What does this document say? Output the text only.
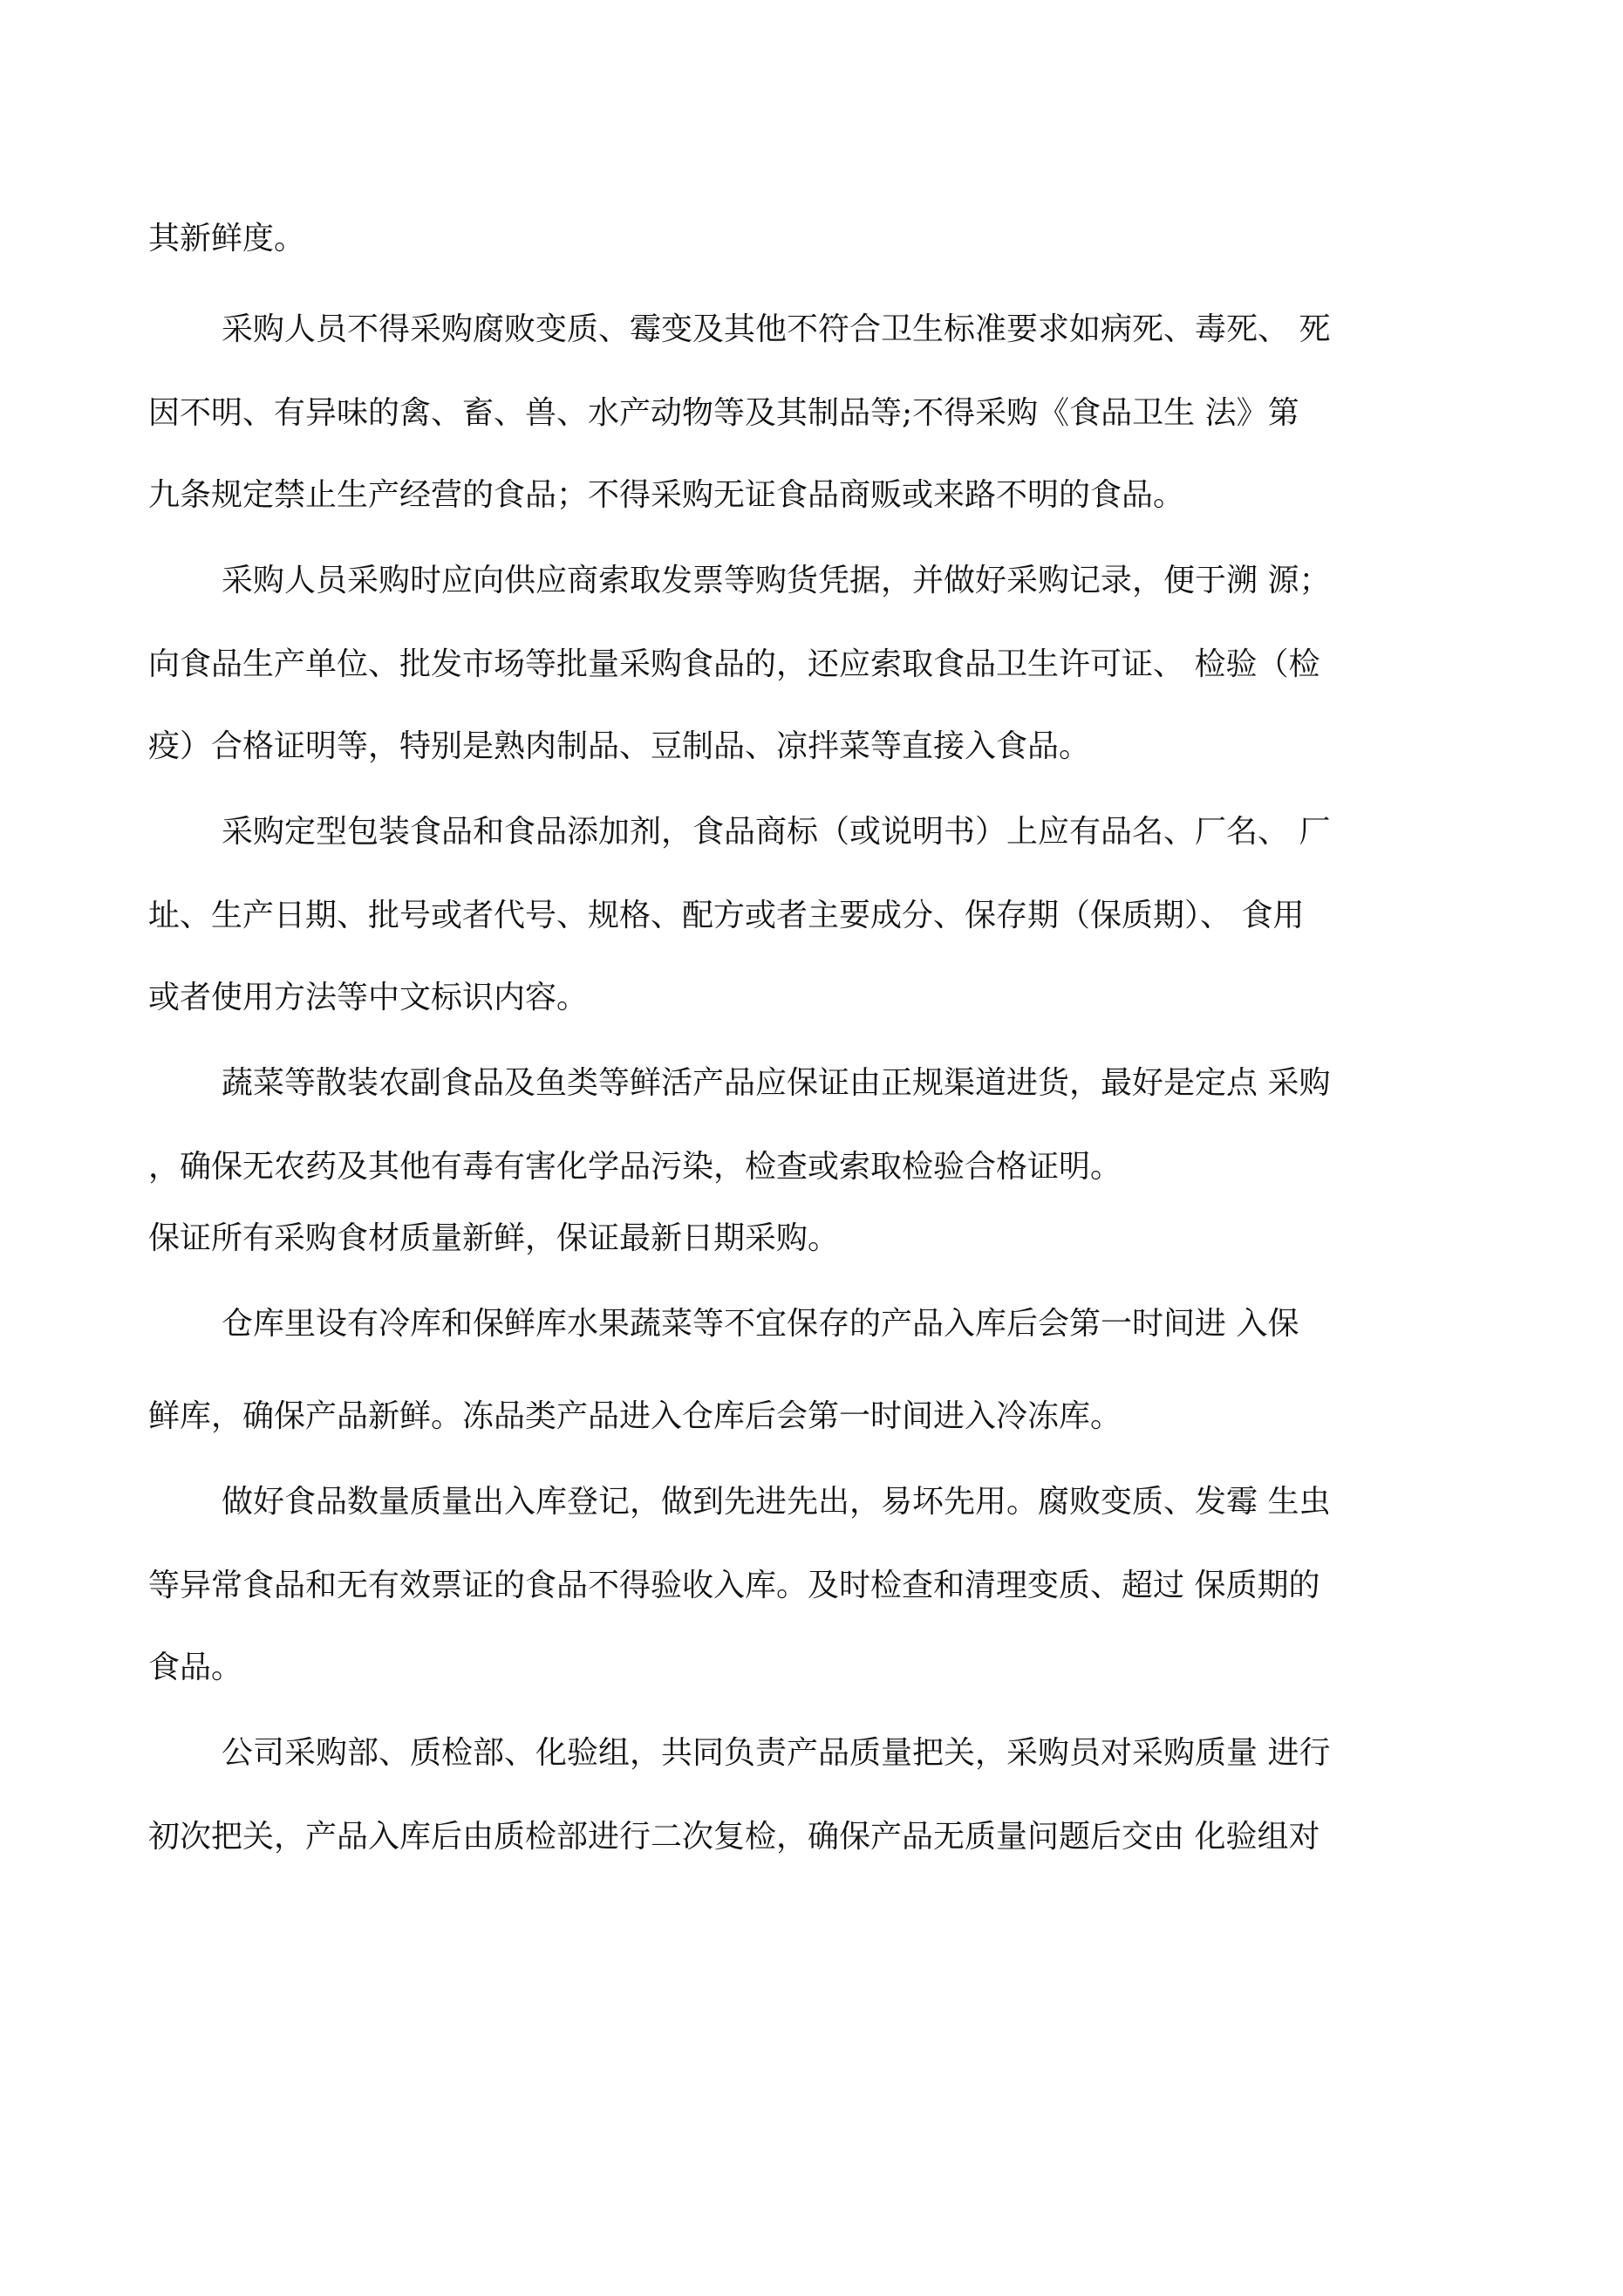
其新鲜度。
采购人员不得采购腐败变质、霉变及其他不符合卫生标准要求如病死、毒死、 死
因不明、有异味的禽、畜、兽、水产动物等及其制品等;不得采购《食品卫生 法》第
九条规定禁止生产经营的食品；不得采购无证食品商贩或来路不明的食品。
采购人员采购时应向供应商索取发票等购货凭据，并做好采购记录，便于溯 源；
向食品生产单位、批发市场等批量采购食品的，还应索取食品卫生许可证、 检验（检
疫）合格证明等，特别是熟肉制品、豆制品、凉拌菜等直接入食品。
采购定型包装食品和食品添加剂，食品商标（或说明书）上应有品名、厂名、 厂
址、生产日期、批号或者代号、规格、配方或者主要成分、保存期（保质期）、 食用
或者使用方法等中文标识内容。
蔬菜等散装农副食品及鱼类等鲜活产品应保证由正规渠道进货，最好是定点 采购
，确保无农药及其他有毒有害化学品污染，检查或索取检验合格证明。
保证所有采购食材质量新鲜，保证最新日期采购。
仓库里设有冷库和保鲜库水果蔬菜等不宜保存的产品入库后会第一时间进 入保
鲜库，确保产品新鲜。冻品类产品进入仓库后会第一时间进入冷冻库。
做好食品数量质量出入库登记，做到先进先出，易坏先用。腐败变质、发霉 生虫
等异常食品和无有效票证的食品不得验收入库。及时检查和清理变质、超过 保质期的
食品。
公司采购部、质检部、化验组，共同负责产品质量把关，采购员对采购质量 进行
初次把关，产品入库后由质检部进行二次复检，确保产品无质量问题后交由 化验组对
